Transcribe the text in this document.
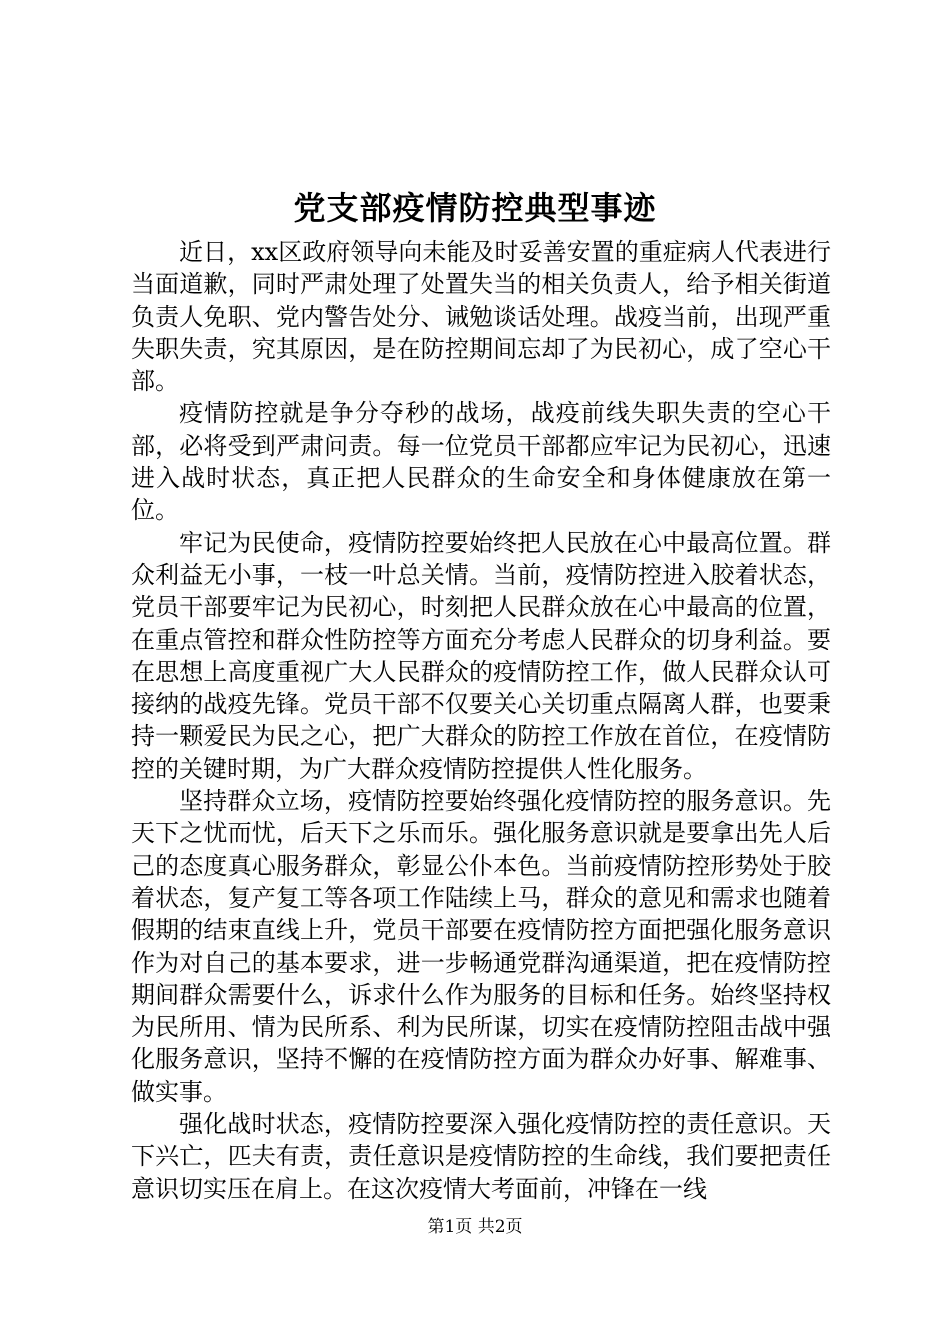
党支部疫情防控典型事迹

近日，xx区政府领导向未能及时妥善安置的重症病人代表进行当面道歉，同时严肃处理了处置失当的相关负责人，给予相关街道负责人免职、党内警告处分、诫勉谈话处理。战疫当前，出现严重失职失责，究其原因，是在防控期间忘却了为民初心，成了空心干部。

疫情防控就是争分夺秒的战场，战疫前线失职失责的空心干部，必将受到严肃问责。每一位党员干部都应牢记为民初心，迅速进入战时状态，真正把人民群众的生命安全和身体健康放在第一位。

牢记为民使命，疫情防控要始终把人民放在心中最高位置。群众利益无小事，一枝一叶总关情。当前，疫情防控进入胶着状态，党员干部要牢记为民初心，时刻把人民群众放在心中最高的位置，在重点管控和群众性防控等方面充分考虑人民群众的切身利益。要在思想上高度重视广大人民群众的疫情防控工作，做人民群众认可接纳的战疫先锋。党员干部不仅要关心关切重点隔离人群，也要秉持一颗爱民为民之心，把广大群众的防控工作放在首位，在疫情防控的关键时期，为广大群众疫情防控提供人性化服务。

坚持群众立场，疫情防控要始终强化疫情防控的服务意识。先天下之忧而忧，后天下之乐而乐。强化服务意识就是要拿出先人后己的态度真心服务群众，彰显公仆本色。当前疫情防控形势处于胶着状态，复产复工等各项工作陆续上马，群众的意见和需求也随着假期的结束直线上升，党员干部要在疫情防控方面把强化服务意识作为对自己的基本要求，进一步畅通党群沟通渠道，把在疫情防控期间群众需要什么，诉求什么作为服务的目标和任务。始终坚持权为民所用、情为民所系、利为民所谋，切实在疫情防控阻击战中强化服务意识，坚持不懈的在疫情防控方面为群众办好事、解难事、做实事。

强化战时状态，疫情防控要深入强化疫情防控的责任意识。天下兴亡，匹夫有责，责任意识是疫情防控的生命线，我们要把责任意识切实压在肩上。在这次疫情大考面前，冲锋在一线

第1页 共2页
